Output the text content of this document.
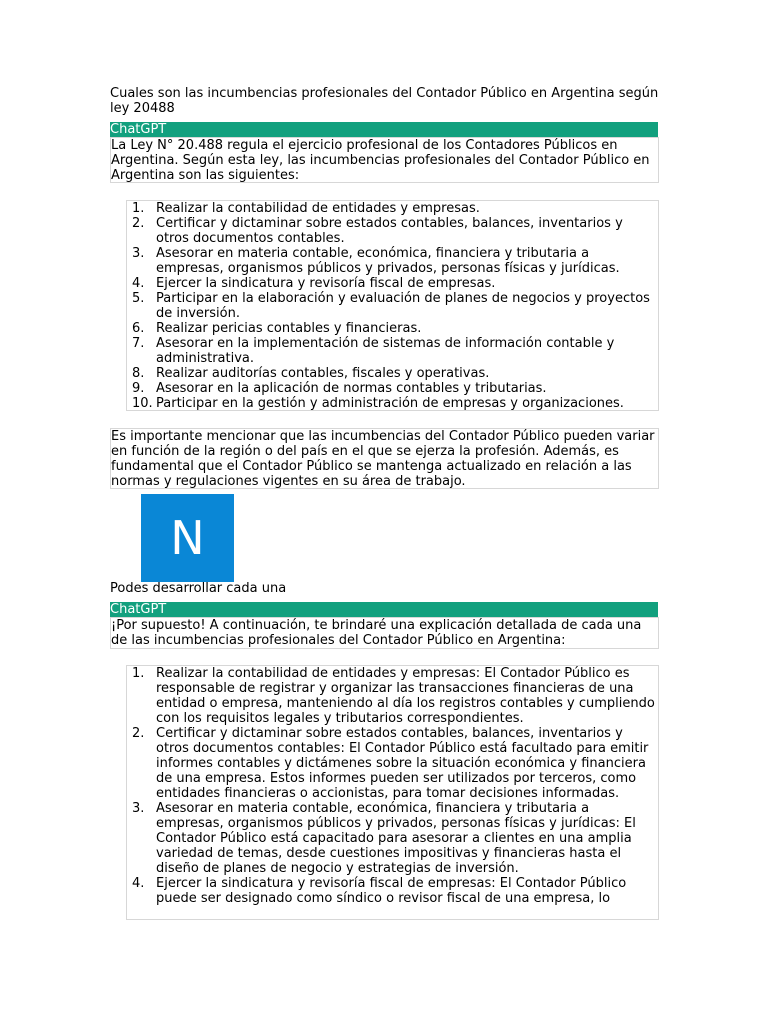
Cuales son las incumbencias profesionales del Contador Público en Argentina según ley 20488
ChatGPT
La Ley N° 20.488 regula el ejercicio profesional de los Contadores Públicos en Argentina. Según esta ley, las incumbencias profesionales del Contador Público en Argentina son las siguientes:
1. Realizar la contabilidad de entidades y empresas.
2. Certificar y dictaminar sobre estados contables, balances, inventarios y otros documentos contables.
3. Asesorar en materia contable, económica, financiera y tributaria a empresas, organismos públicos y privados, personas físicas y jurídicas.
4. Ejercer la sindicatura y revisoría fiscal de empresas.
5. Participar en la elaboración y evaluación de planes de negocios y proyectos de inversión.
6. Realizar pericias contables y financieras.
7. Asesorar en la implementación de sistemas de información contable y administrativa.
8. Realizar auditorías contables, fiscales y operativas.
9. Asesorar en la aplicación de normas contables y tributarias.
10. Participar en la gestión y administración de empresas y organizaciones.
Es importante mencionar que las incumbencias del Contador Público pueden variar en función de la región o del país en el que se ejerza la profesión. Además, es fundamental que el Contador Público se mantenga actualizado en relación a las normas y regulaciones vigentes en su área de trabajo.
N
Podes desarrollar cada una
ChatGPT
¡Por supuesto! A continuación, te brindaré una explicación detallada de cada una de las incumbencias profesionales del Contador Público en Argentina:
1. Realizar la contabilidad de entidades y empresas: El Contador Público es responsable de registrar y organizar las transacciones financieras de una entidad o empresa, manteniendo al día los registros contables y cumpliendo con los requisitos legales y tributarios correspondientes.
2. Certificar y dictaminar sobre estados contables, balances, inventarios y otros documentos contables: El Contador Público está facultado para emitir informes contables y dictámenes sobre la situación económica y financiera de una empresa. Estos informes pueden ser utilizados por terceros, como entidades financieras o accionistas, para tomar decisiones informadas.
3. Asesorar en materia contable, económica, financiera y tributaria a empresas, organismos públicos y privados, personas físicas y jurídicas: El Contador Público está capacitado para asesorar a clientes en una amplia variedad de temas, desde cuestiones impositivas y financieras hasta el diseño de planes de negocio y estrategias de inversión.
4. Ejercer la sindicatura y revisoría fiscal de empresas: El Contador Público puede ser designado como síndico o revisor fiscal de una empresa, lo
